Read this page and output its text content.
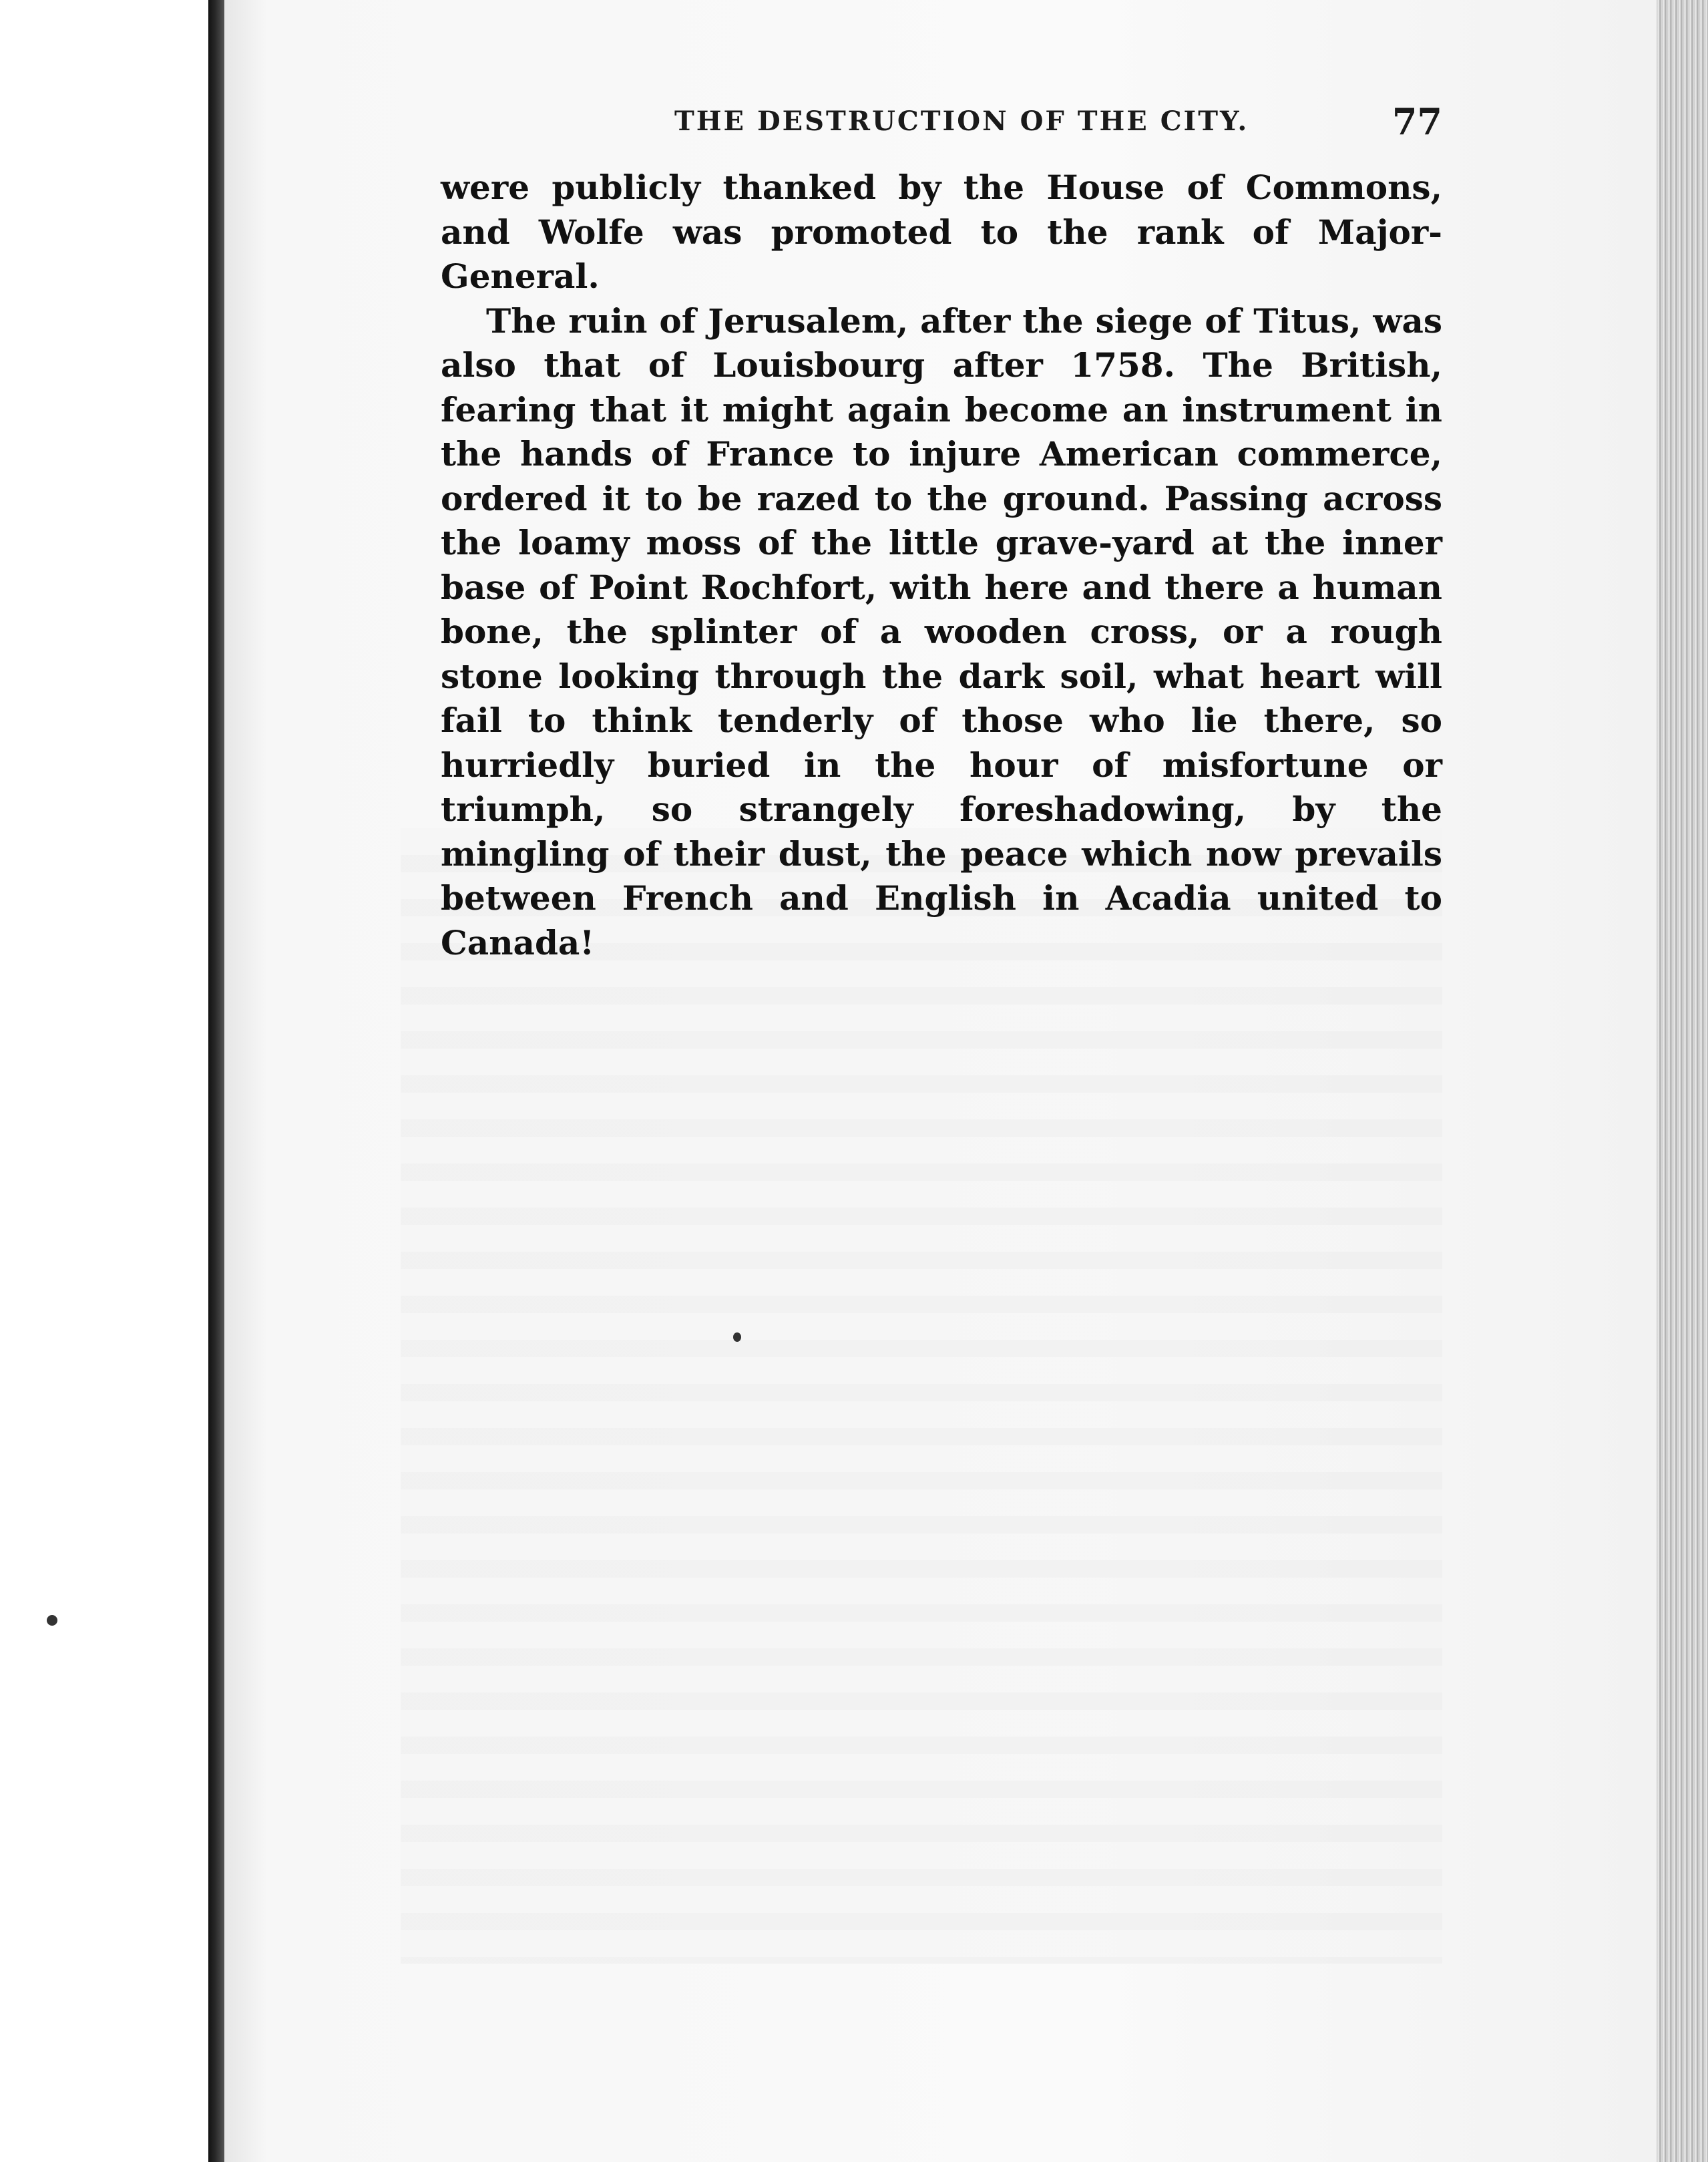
THE DESTRUCTION OF THE CITY.	77

were publicly thanked by the House of Commons, and Wolfe was promoted to the rank of Major-General.

The ruin of Jerusalem, after the siege of Titus, was also that of Louisbourg after 1758. The British, fearing that it might again become an instrument in the hands of France to injure American commerce, ordered it to be razed to the ground. Passing across the loamy moss of the little grave-yard at the inner base of Point Rochfort, with here and there a human bone, the splinter of a wooden cross, or a rough stone looking through the dark soil, what heart will fail to think tenderly of those who lie there, so hurriedly buried in the hour of misfortune or triumph, so strangely foreshadowing, by the mingling of their dust, the peace which now prevails between French and English in Acadia united to Canada!
